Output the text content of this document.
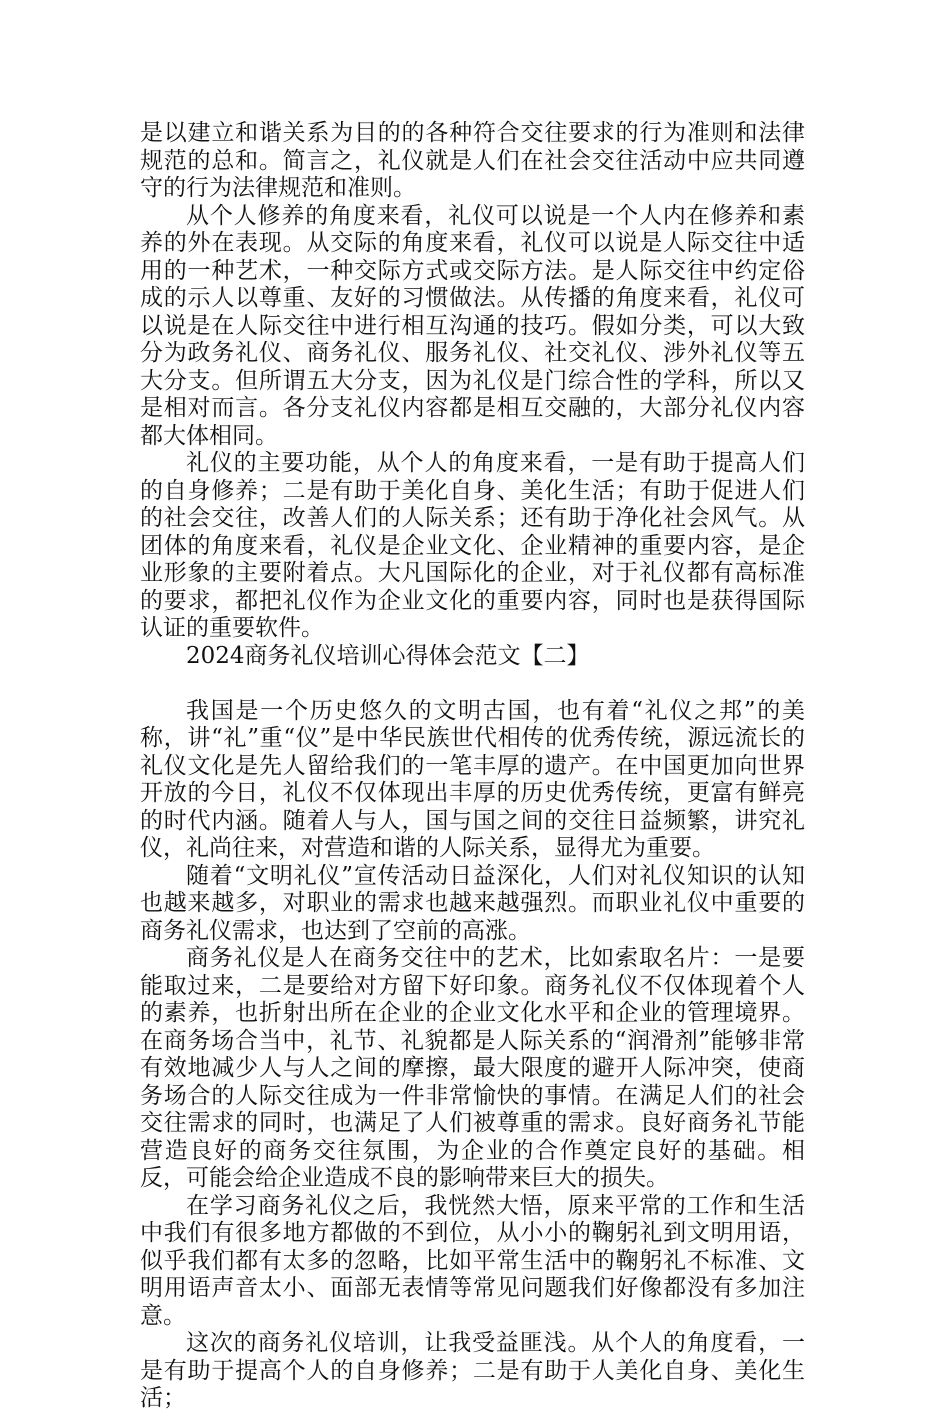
是以建立和谐关系为目的的各种符合交往要求的行为准则和法律规范的总和。简言之，礼仪就是人们在社会交往活动中应共同遵守的行为法律规范和准则。

从个人修养的角度来看，礼仪可以说是一个人内在修养和素养的外在表现。从交际的角度来看，礼仪可以说是人际交往中适用的一种艺术，一种交际方式或交际方法。是人际交往中约定俗成的示人以尊重、友好的习惯做法。从传播的角度来看，礼仪可以说是在人际交往中进行相互沟通的技巧。假如分类，可以大致分为政务礼仪、商务礼仪、服务礼仪、社交礼仪、涉外礼仪等五大分支。但所谓五大分支，因为礼仪是门综合性的学科，所以又是相对而言。各分支礼仪内容都是相互交融的，大部分礼仪内容都大体相同。

礼仪的主要功能，从个人的角度来看，一是有助于提高人们的自身修养；二是有助于美化自身、美化生活；有助于促进人们的社会交往，改善人们的人际关系；还有助于净化社会风气。从团体的角度来看，礼仪是企业文化、企业精神的重要内容，是企业形象的主要附着点。大凡国际化的企业，对于礼仪都有高标准的要求，都把礼仪作为企业文化的重要内容，同时也是获得国际认证的重要软件。

2024商务礼仪培训心得体会范文【二】

我国是一个历史悠久的文明古国，也有着“礼仪之邦”的美称，讲“礼”重“仪”是中华民族世代相传的优秀传统，源远流长的礼仪文化是先人留给我们的一笔丰厚的遗产。在中国更加向世界开放的今日，礼仪不仅体现出丰厚的历史优秀传统，更富有鲜亮的时代内涵。随着人与人，国与国之间的交往日益频繁，讲究礼仪，礼尚往来，对营造和谐的人际关系，显得尤为重要。

随着“文明礼仪”宣传活动日益深化，人们对礼仪知识的认知也越来越多，对职业的需求也越来越强烈。而职业礼仪中重要的商务礼仪需求，也达到了空前的高涨。

商务礼仪是人在商务交往中的艺术，比如索取名片：一是要能取过来，二是要给对方留下好印象。商务礼仪不仅体现着个人的素养，也折射出所在企业的企业文化水平和企业的管理境界。在商务场合当中，礼节、礼貌都是人际关系的“润滑剂”能够非常有效地减少人与人之间的摩擦，最大限度的避开人际冲突，使商务场合的人际交往成为一件非常愉快的事情。在满足人们的社会交往需求的同时，也满足了人们被尊重的需求。良好商务礼节能营造良好的商务交往氛围，为企业的合作奠定良好的基础。相反，可能会给企业造成不良的影响带来巨大的损失。

在学习商务礼仪之后，我恍然大悟，原来平常的工作和生活中我们有很多地方都做的不到位，从小小的鞠躬礼到文明用语，似乎我们都有太多的忽略，比如平常生活中的鞠躬礼不标准、文明用语声音太小、面部无表情等常见问题我们好像都没有多加注意。

这次的商务礼仪培训，让我受益匪浅。从个人的角度看，一是有助于提高个人的自身修养；二是有助于人美化自身、美化生活；
